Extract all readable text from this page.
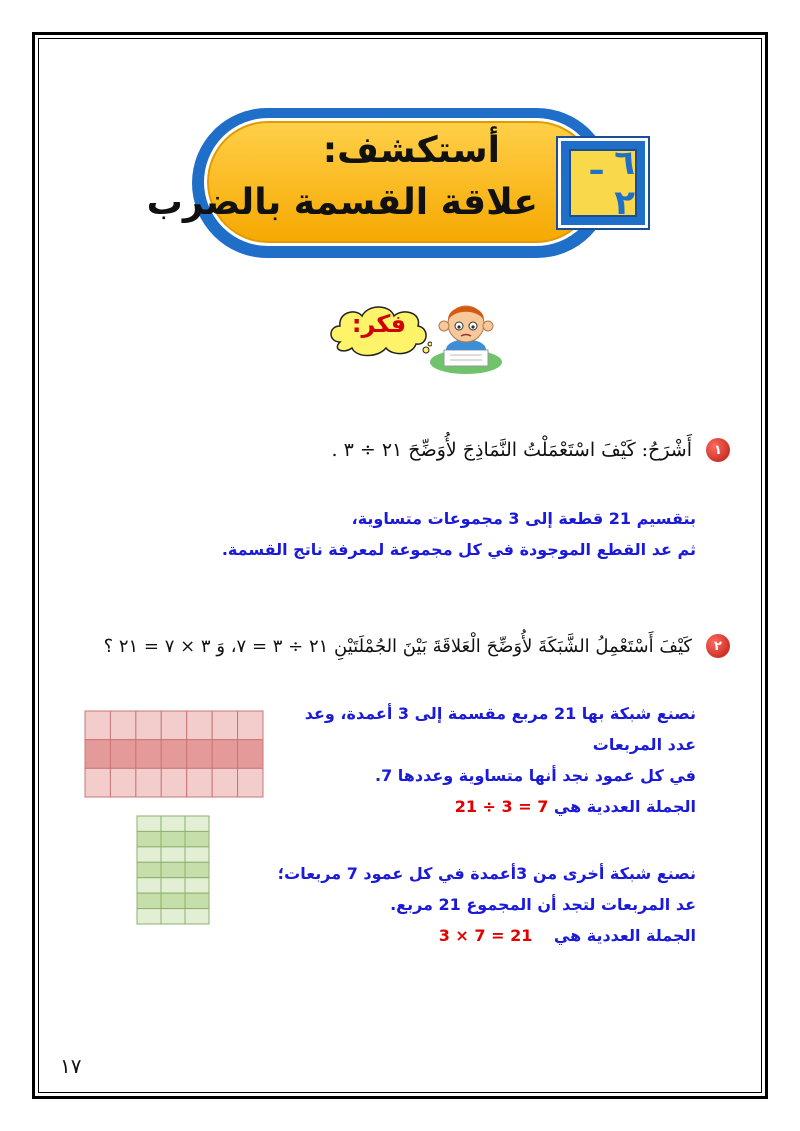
أستكشف:
علاقة القسمة بالضرب
٦ ـ ٢
فكر:
١
أَشْرَحُ: كَيْفَ اسْتَعْمَلْتُ النَّمَاذِجَ لأُوَضِّحَ ٢١ ÷ ٣ .
بتقسيم 21 قطعة إلى 3 مجموعات متساوية،
ثم عد القطع الموجودة في كل مجموعة لمعرفة ناتج القسمة.
٢
كَيْفَ أَسْتَعْمِلُ الشَّبَكَةَ لأُوَضِّحَ الْعَلاقَةَ بَيْنَ الجُمْلَتَيْنِ ٢١ ÷ ٣ = ٧، وَ ٣ × ٧ = ٢١ ؟
نصنع شبكة بها 21 مربع مقسمة إلى 3 أعمدة، وعد
عدد المربعات
في كل عمود نجد أنها متساوية وعددها 7.
الجملة العددية هي 21 ÷ 3 = 7
نصنع شبكة أخرى من 3أعمدة في كل عمود 7 مربعات؛
عد المربعات لتجد أن المجموع 21 مربع.
الجملة العددية هي 3 × 7 = 21
١٧
